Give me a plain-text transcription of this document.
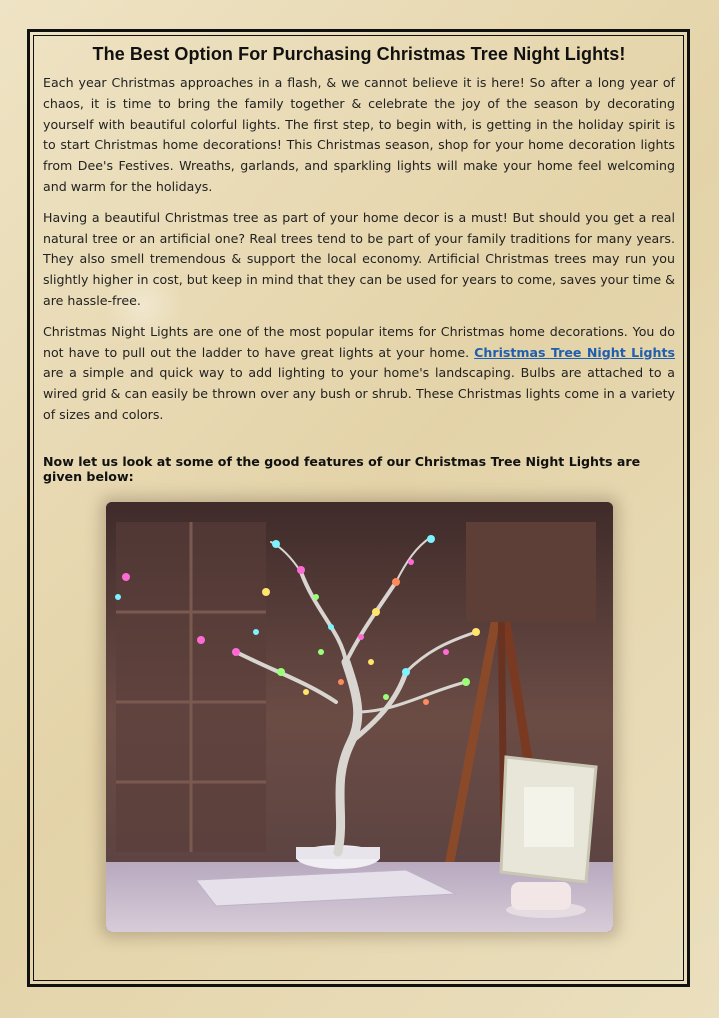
The Best Option For Purchasing Christmas Tree Night Lights!

Each year Christmas approaches in a flash, & we cannot believe it is here! So after a long year of chaos, it is time to bring the family together & celebrate the joy of the season by decorating yourself with beautiful colorful lights. The first step, to begin with, is getting in the holiday spirit is to start Christmas home decorations! This Christmas season, shop for your home decoration lights from Dee's Festives. Wreaths, garlands, and sparkling lights will make your home feel welcoming and warm for the holidays.

Having a beautiful Christmas tree as part of your home decor is a must! But should you get a real natural tree or an artificial one? Real trees tend to be part of your family traditions for many years. They also smell tremendous & support the local economy. Artificial Christmas trees may run you slightly higher in cost, but keep in mind that they can be used for years to come, saves your time & are hassle-free.

Christmas Night Lights are one of the most popular items for Christmas home decorations. You do not have to pull out the ladder to have great lights at your home. Christmas Tree Night Lights are a simple and quick way to add lighting to your home's landscaping. Bulbs are attached to a wired grid & can easily be thrown over any bush or shrub. These Christmas lights come in a variety of sizes and colors.

Now let us look at some of the good features of our Christmas Tree Night Lights are given below:
